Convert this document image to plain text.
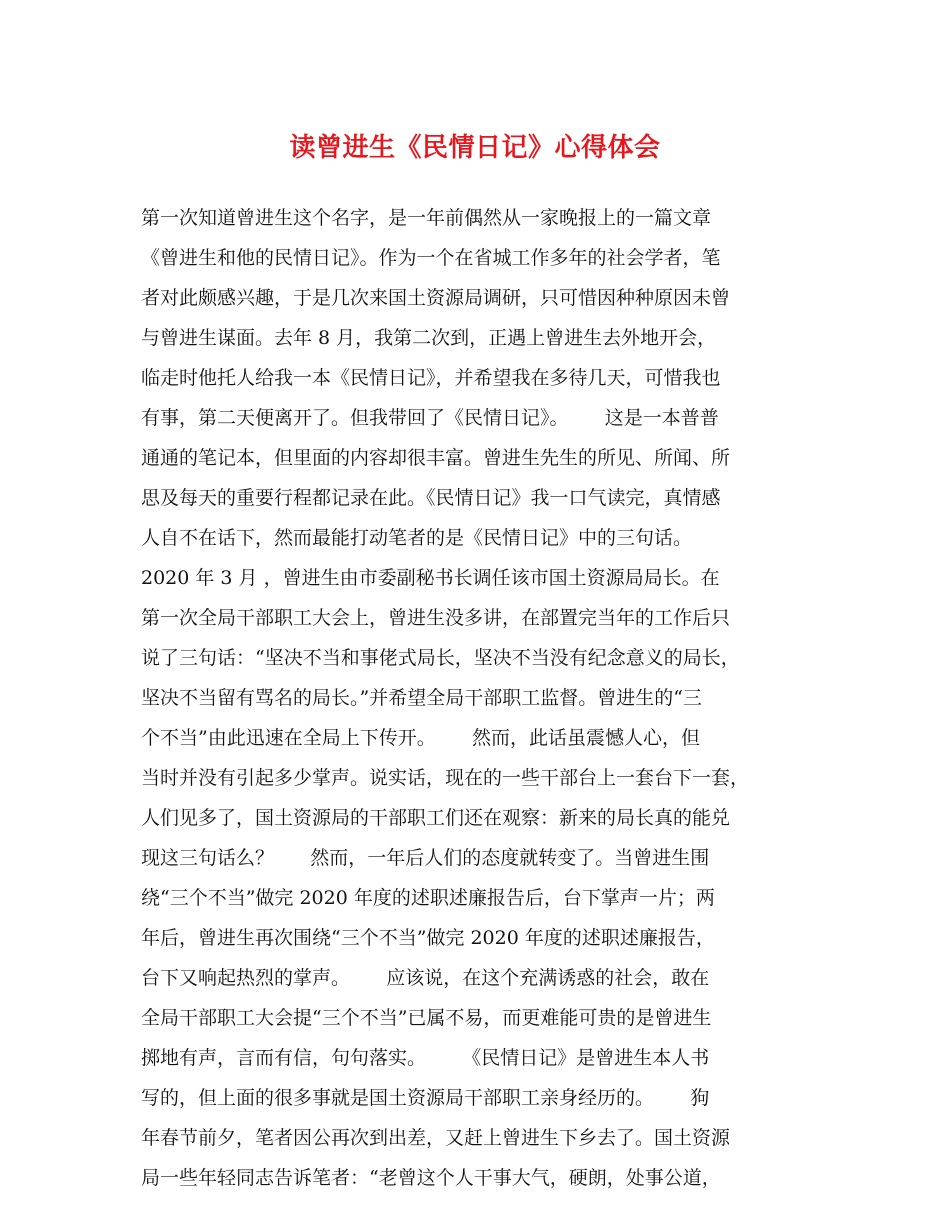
读曾进生《民情日记》心得体会
第一次知道曾进生这个名字，是一年前偶然从一家晚报上的一篇文章
《曾进生和他的民情日记》。作为一个在省城工作多年的社会学者，笔
者对此颇感兴趣，于是几次来国土资源局调研，只可惜因种种原因未曾
与曾进生谋面。去年 8 月，我第二次到，正遇上曾进生去外地开会，
临走时他托人给我一本《民情日记》，并希望我在多待几天，可惜我也
有事，第二天便离开了。但我带回了《民情日记》。      这是一本普普
通通的笔记本，但里面的内容却很丰富。曾进生先生的所见、所闻、所
思及每天的重要行程都记录在此。《民情日记》我一口气读完，真情感
人自不在话下，然而最能打动笔者的是《民情日记》中的三句话。
2020 年 3 月 ，曾进生由市委副秘书长调任该市国土资源局局长。在
第一次全局干部职工大会上，曾进生没多讲，在部置完当年的工作后只
说了三句话：“坚决不当和事佬式局长，坚决不当没有纪念意义的局长，
坚决不当留有骂名的局长。”并希望全局干部职工监督。曾进生的“三
个不当”由此迅速在全局上下传开。      然而，此话虽震憾人心，但
当时并没有引起多少掌声。说实话，现在的一些干部台上一套台下一套，
人们见多了，国土资源局的干部职工们还在观察：新来的局长真的能兑
现这三句话么？      然而，一年后人们的态度就转变了。当曾进生围
绕“三个不当”做完 2020 年度的述职述廉报告后，台下掌声一片；两
年后，曾进生再次围绕“三个不当”做完 2020 年度的述职述廉报告，
台下又响起热烈的掌声。      应该说，在这个充满诱惑的社会，敢在
全局干部职工大会提“三个不当”已属不易，而更难能可贵的是曾进生
掷地有声，言而有信，句句落实。      《民情日记》是曾进生本人书
写的，但上面的很多事就是国土资源局干部职工亲身经历的。      狗
年春节前夕，笔者因公再次到出差，又赶上曾进生下乡去了。国土资源
局一些年轻同志告诉笔者：“老曾这个人干事大气，硬朗，处事公道，
